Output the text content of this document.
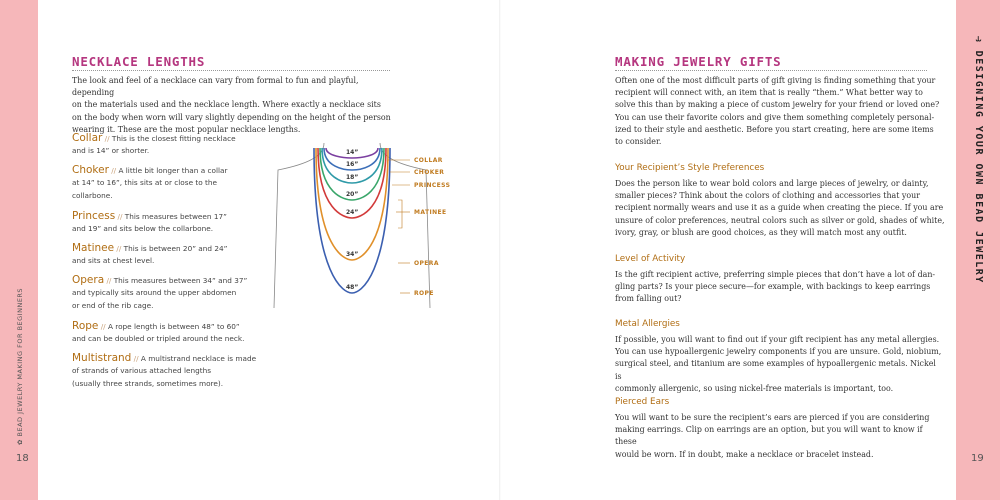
✿ BEAD JEWELRY MAKING FOR BEGINNERS
18
NECKLACE LENGTHS
The look and feel of a necklace can vary from formal to fun and playful, depending
on the materials used and the necklace length. Where exactly a necklace sits
on the body when worn will vary slightly depending on the height of the person
wearing it. These are the most popular necklace lengths.
Collar // This is the closest fitting necklace
and is 14” or shorter.
Choker // A little bit longer than a collar
at 14” to 16”, this sits at or close to the
collarbone.
Princess // This measures between 17”
and 19” and sits below the collarbone.
Matinee // This is between 20” and 24”
and sits at chest level.
Opera // This measures between 34” and 37”
and typically sits around the upper abdomen
or end of the rib cage.
Rope // A rope length is between 48” to 60”
and can be doubled or tripled around the neck.
Multistrand // A multistrand necklace is made
of strands of various attached lengths
(usually three strands, sometimes more).
14”
16”
18”
20”
24”
34”
48”
COLLAR
CHOKER
PRINCESS
MATINEE
OPERA
ROPE
⥽ DESIGNING YOUR OWN BEAD JEWELRY
19
MAKING JEWELRY GIFTS
Often one of the most difficult parts of gift giving is finding something that your
recipient will connect with, an item that is really “them.” What better way to
solve this than by making a piece of custom jewelry for your friend or loved one?
You can use their favorite colors and give them something completely personal-
ized to their style and aesthetic. Before you start creating, here are some items
to consider.
Your Recipient’s Style Preferences
Does the person like to wear bold colors and large pieces of jewelry, or dainty,
smaller pieces? Think about the colors of clothing and accessories that your
recipient normally wears and use it as a guide when creating the piece. If you are
unsure of color preferences, neutral colors such as silver or gold, shades of white,
ivory, gray, or blush are good choices, as they will match most any outfit.
Level of Activity
Is the gift recipient active, preferring simple pieces that don’t have a lot of dan-
gling parts? Is your piece secure—for example, with backings to keep earrings
from falling out?
Metal Allergies
If possible, you will want to find out if your gift recipient has any metal allergies.
You can use hypoallergenic jewelry components if you are unsure. Gold, niobium,
surgical steel, and titanium are some examples of hypoallergenic metals. Nickel is
commonly allergenic, so using nickel-free materials is important, too.
Pierced Ears
You will want to be sure the recipient’s ears are pierced if you are considering
making earrings. Clip on earrings are an option, but you will want to know if these
would be worn. If in doubt, make a necklace or bracelet instead.
